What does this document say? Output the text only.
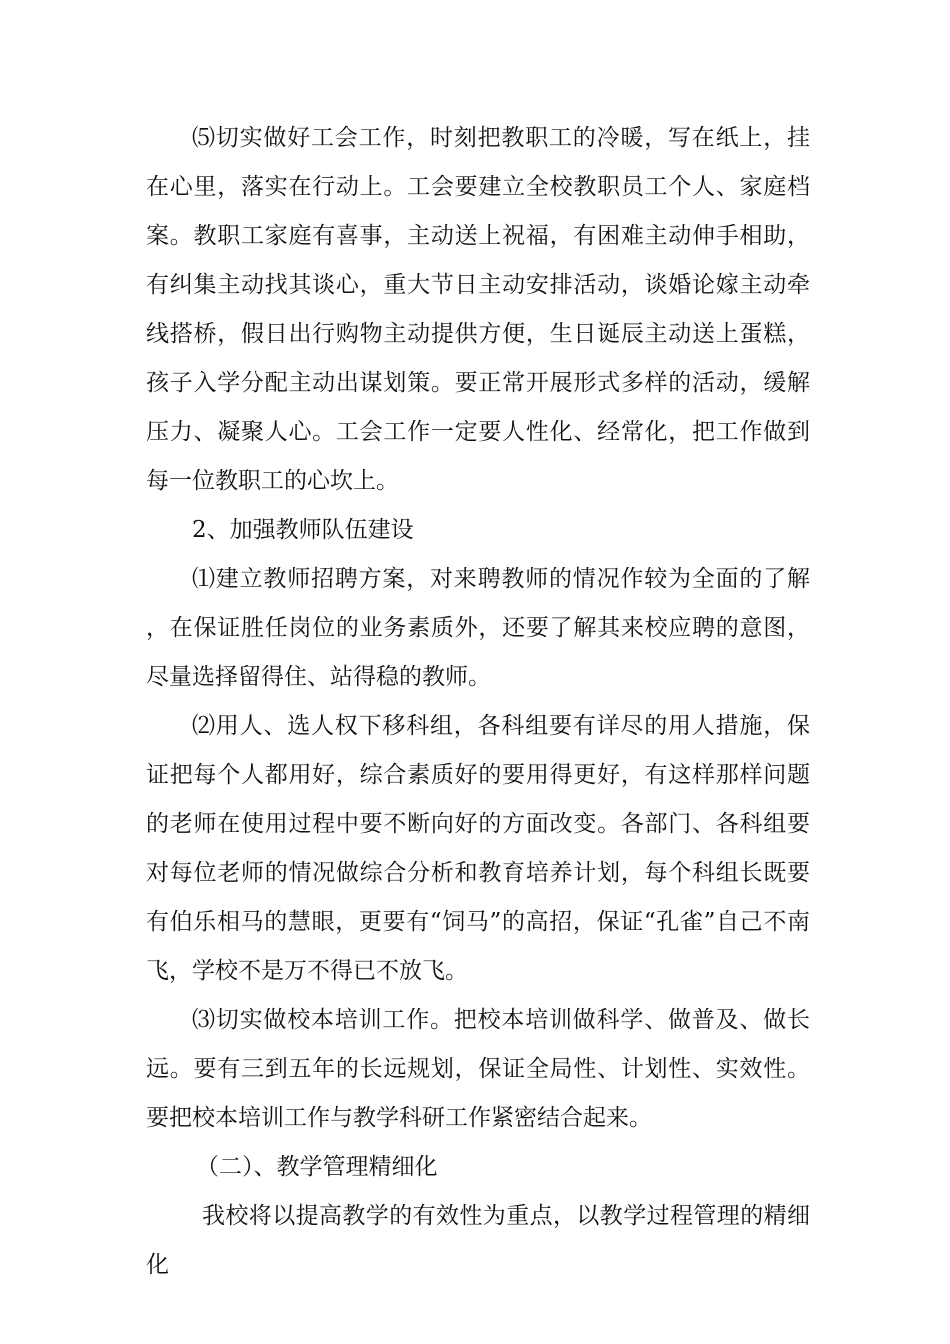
⑸切实做好工会工作，时刻把教职工的冷暖，写在纸上，挂在心里，落实在行动上。工会要建立全校教职员工个人、家庭档案。教职工家庭有喜事，主动送上祝福，有困难主动伸手相助，有纠集主动找其谈心，重大节日主动安排活动，谈婚论嫁主动牵线搭桥，假日出行购物主动提供方便，生日诞辰主动送上蛋糕，孩子入学分配主动出谋划策。要正常开展形式多样的活动，缓解压力、凝聚人心。工会工作一定要人性化、经常化，把工作做到每一位教职工的心坎上。

2、加强教师队伍建设

⑴建立教师招聘方案，对来聘教师的情况作较为全面的了解，在保证胜任岗位的业务素质外，还要了解其来校应聘的意图，尽量选择留得住、站得稳的教师。

⑵用人、选人权下移科组，各科组要有详尽的用人措施，保证把每个人都用好，综合素质好的要用得更好，有这样那样问题的老师在使用过程中要不断向好的方面改变。各部门、各科组要对每位老师的情况做综合分析和教育培养计划，每个科组长既要有伯乐相马的慧眼，更要有“饲马”的高招，保证“孔雀”自己不南飞，学校不是万不得已不放飞。

⑶切实做校本培训工作。把校本培训做科学、做普及、做长远。要有三到五年的长远规划，保证全局性、计划性、实效性。要把校本培训工作与教学科研工作紧密结合起来。

（二）、教学管理精细化

我校将以提高教学的有效性为重点，以教学过程管理的精细化
